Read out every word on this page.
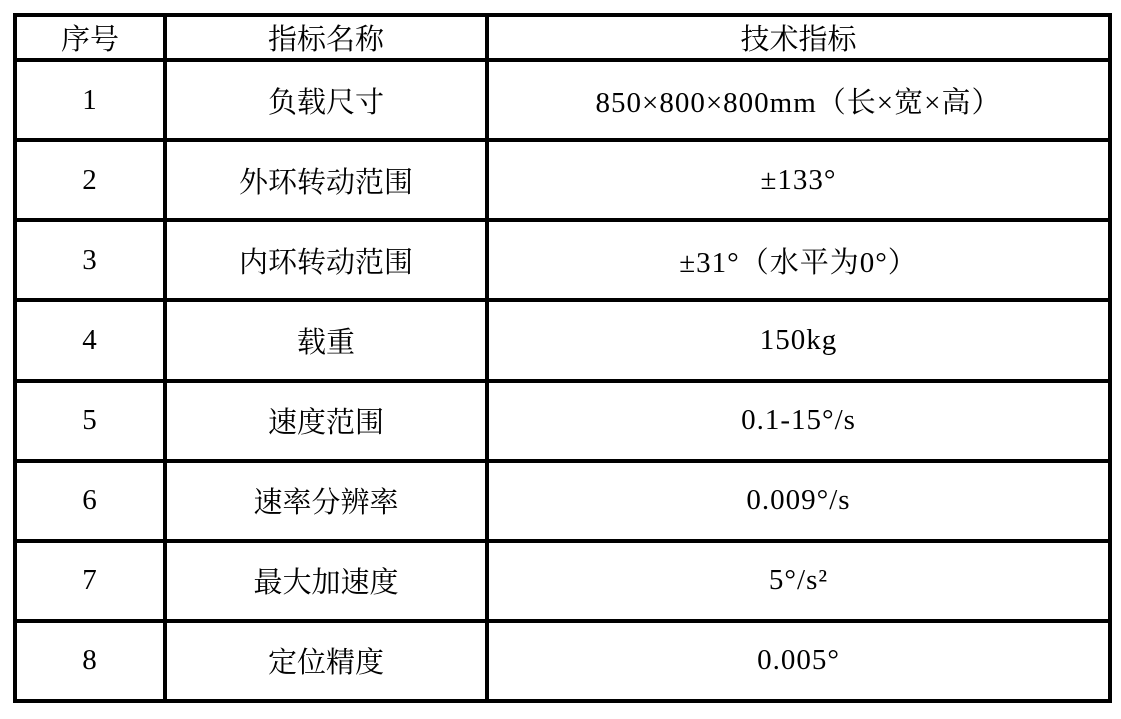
序号	指标名称	技术指标
1	负载尺寸	850×800×800mm（长×宽×高）
2	外环转动范围	±133°
3	内环转动范围	±31°（水平为0°）
4	载重	150kg
5	速度范围	0.1-15°/s
6	速率分辨率	0.009°/s
7	最大加速度	5°/s²
8	定位精度	0.005°
